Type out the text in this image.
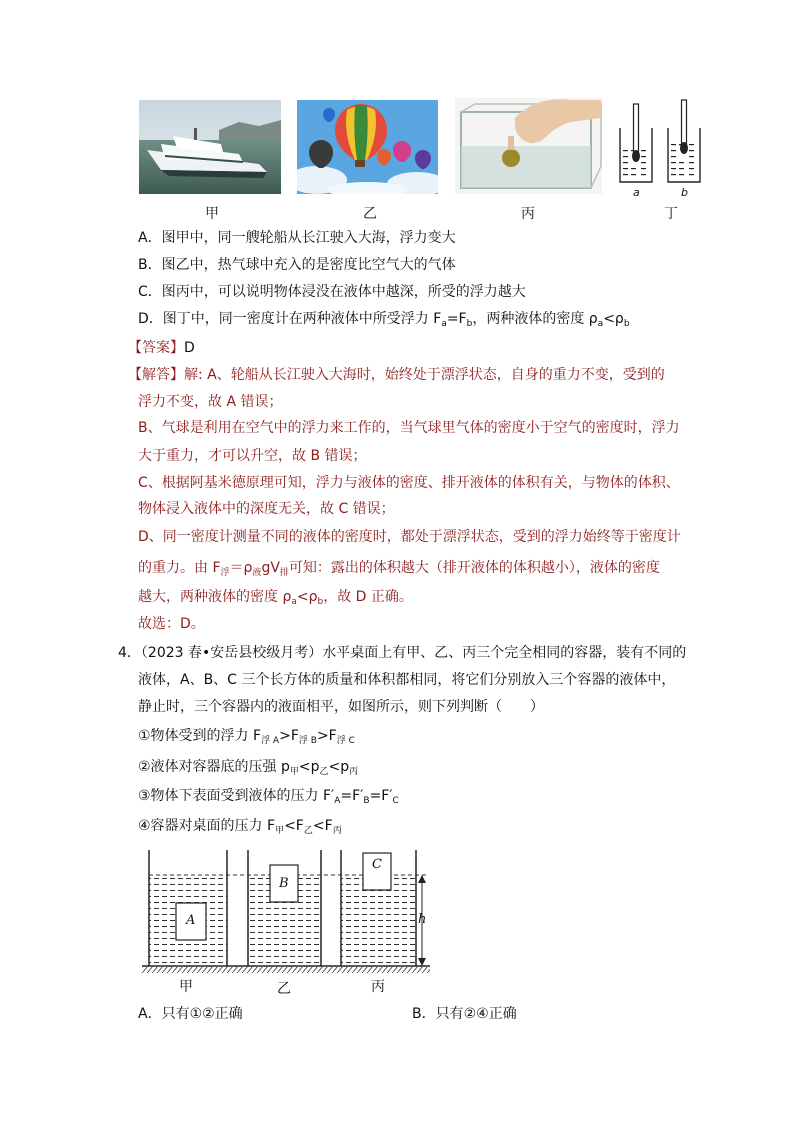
a	b
甲	乙	丙	丁
A．图甲中，同一艘轮船从长江驶入大海，浮力变大
B．图乙中，热气球中充入的是密度比空气大的气体
C．图丙中，可以说明物体浸没在液体中越深，所受的浮力越大
D．图丁中，同一密度计在两种液体中所受浮力 $F_a=F_b$，两种液体的密度 $\rho_a<\rho_b$
【答案】D
【解答】解: A、轮船从长江驶入大海时，始终处于漂浮状态，自身的重力不变，受到的
浮力不变，故 A 错误；
B、气球是利用在空气中的浮力来工作的，当气球里气体的密度小于空气的密度时，浮力
大于重力，才可以升空，故 B 错误；
C、根据阿基米德原理可知，浮力与液体的密度、排开液体的体积有关，与物体的体积、
物体浸入液体中的深度无关，故 C 错误；
D、同一密度计测量不同的液体的密度时，都处于漂浮状态，受到的浮力始终等于密度计
的重力。由 $F_浮=\rho_液gV_排$可知：露出的体积越大（排开液体的体积越小），液体的密度
越大，两种液体的密度 $\rho_a<\rho_b$，故 D 正确。
故选：D。
4．（2023 春•安岳县校级月考）水平桌面上有甲、乙、丙三个完全相同的容器，装有不同的
液体，A、B、C 三个长方体的质量和体积都相同，将它们分别放入三个容器的液体中，
静止时，三个容器内的液面相平，如图所示，则下列判断（　　）
①物体受到的浮力 $F_{浮 A}>F_{浮 B}>F_{浮 C}$
②液体对容器底的压强 $p_甲<p_乙<p_丙$
③物体下表面受到液体的压力 $F'_A=F'_B=F'_C$
④容器对桌面的压力 $F_甲<F_乙<F_丙$
A
B
C
h
甲	乙	丙
A．只有①②正确	B．只有②④正确
